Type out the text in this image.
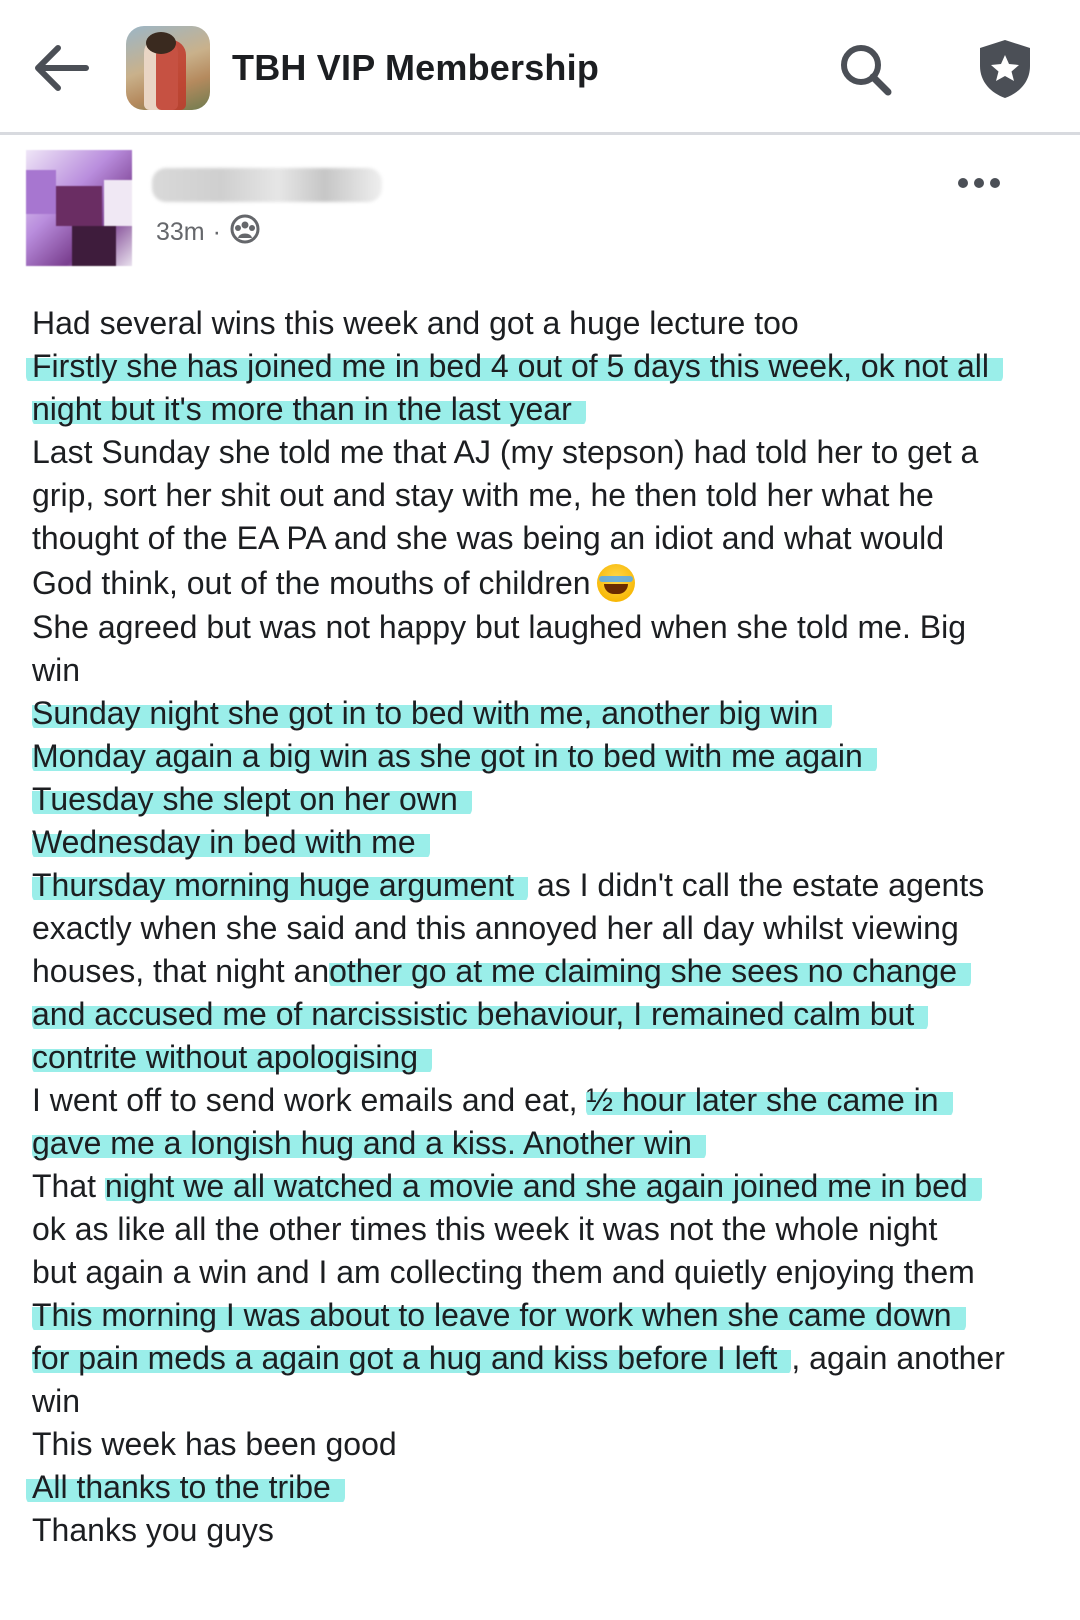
TBH VIP Membership
33m ·
Had several wins this week and got a huge lecture too
Firstly she has joined me in bed 4 out of 5 days this week, ok not all
night but it's more than in the last year
Last Sunday she told me that AJ (my stepson) had told her to get a
grip, sort her shit out and stay with me, he then told her what he
thought of the EA PA and she was being an idiot and what would
God think, out of the mouths of children
She agreed but was not happy but laughed when she told me. Big
win
Sunday night she got in to bed with me, another big win
Monday again a big win as she got in to bed with me again
Tuesday she slept on her own
Wednesday in bed with me
Thursday morning huge argument as I didn't call the estate agents
exactly when she said and this annoyed her all day whilst viewing
houses, that night another go at me claiming she sees no change
and accused me of narcissistic behaviour, I remained calm but
contrite without apologising
I went off to send work emails and eat, ½ hour later she came in
gave me a longish hug and a kiss. Another win
That night we all watched a movie and she again joined me in bed
ok as like all the other times this week it was not the whole night
but again a win and I am collecting them and quietly enjoying them
This morning I was about to leave for work when she came down
for pain meds a again got a hug and kiss before I left , again another
win
This week has been good
All thanks to the tribe
Thanks you guys
